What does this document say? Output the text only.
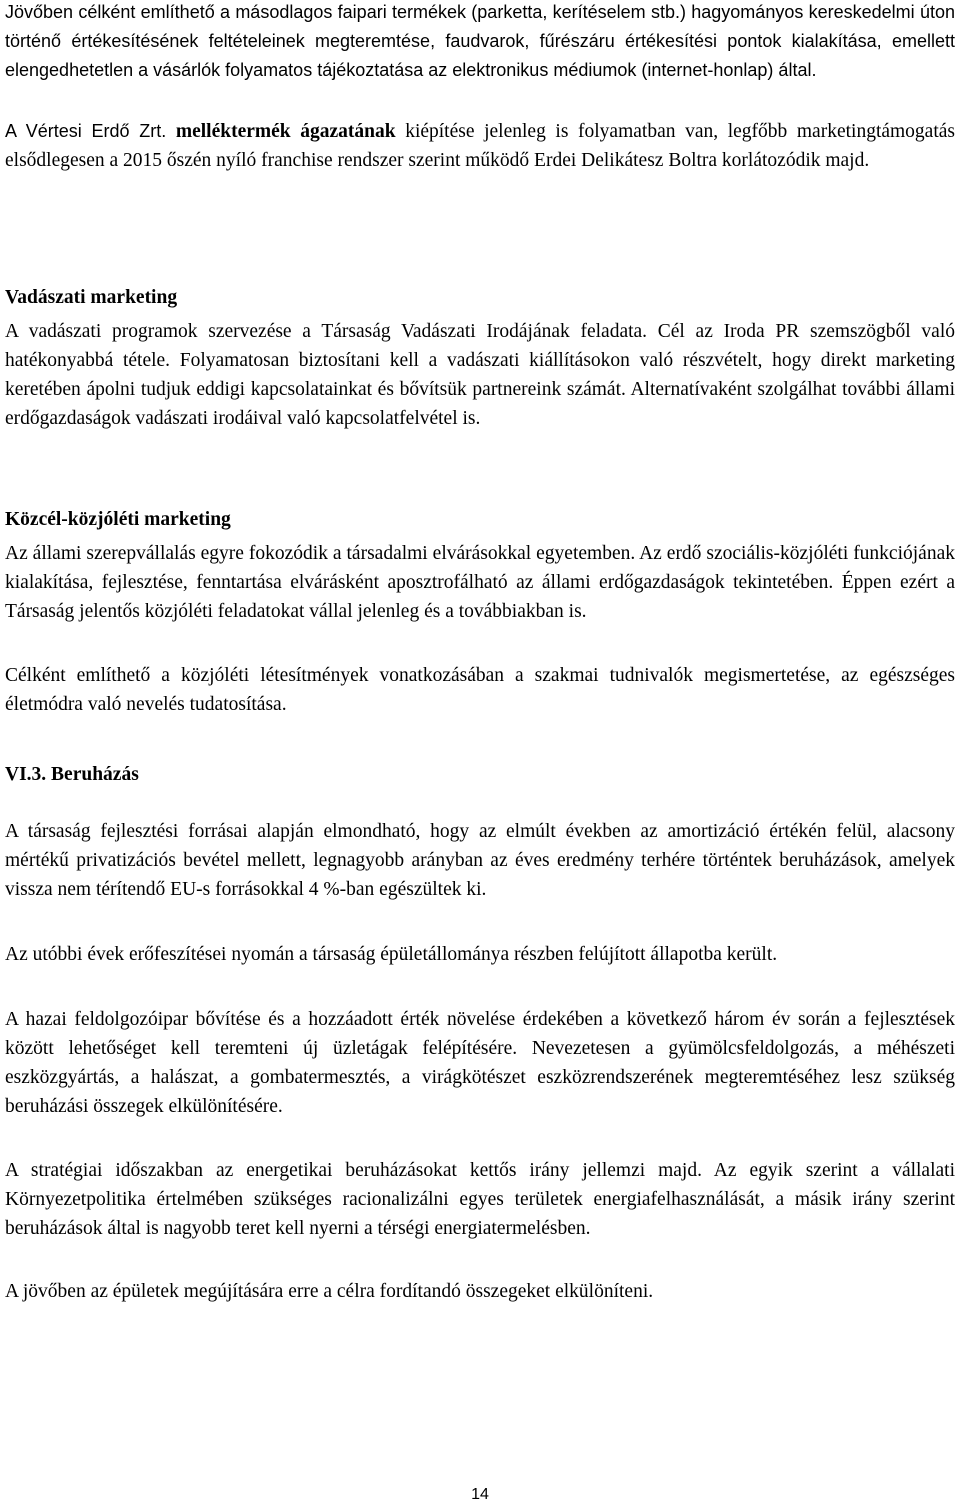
Jövőben célként említhető a másodlagos faipari termékek (parketta, kerítéselem stb.) hagyományos kereskedelmi úton történő értékesítésének feltételeinek megteremtése, faudvarok, fűrészáru értékesítési pontok kialakítása, emellett elengedhetetlen a vásárlók folyamatos tájékoztatása az elektronikus médiumok (internet-honlap) által.

A Vértesi Erdő Zrt. melléktermék ágazatának kiépítése jelenleg is folyamatban van, legfőbb marketingtámogatás elsődlegesen a 2015 őszén nyíló franchise rendszer szerint működő Erdei Delikátesz Boltra korlátozódik majd.

Vadászati marketing

A vadászati programok szervezése a Társaság Vadászati Irodájának feladata. Cél az Iroda PR szemszögből való hatékonyabbá tétele. Folyamatosan biztosítani kell a vadászati kiállításokon való részvételt, hogy direkt marketing keretében ápolni tudjuk eddigi kapcsolatainkat és bővítsük partnereink számát. Alternatívaként szolgálhat további állami erdőgazdaságok vadászati irodáival való kapcsolatfelvétel is.

Közcél-közjóléti marketing

Az állami szerepvállalás egyre fokozódik a társadalmi elvárásokkal egyetemben. Az erdő szociális-közjóléti funkciójának kialakítása, fejlesztése, fenntartása elvárásként aposztrofálható az állami erdőgazdaságok tekintetében. Éppen ezért a Társaság jelentős közjóléti feladatokat vállal jelenleg és a továbbiakban is.

Célként említhető a közjóléti létesítmények vonatkozásában a szakmai tudnivalók megismertetése, az egészséges életmódra való nevelés tudatosítása.

VI.3. Beruházás

A társaság fejlesztési forrásai alapján elmondható, hogy az elmúlt években az amortizáció értékén felül, alacsony mértékű privatizációs bevétel mellett, legnagyobb arányban az éves eredmény terhére történtek beruházások, amelyek vissza nem térítendő EU-s forrásokkal 4 %-ban egészültek ki.

Az utóbbi évek erőfeszítései nyomán a társaság épületállománya részben felújított állapotba került.

A hazai feldolgozóipar bővítése és a hozzáadott érték növelése érdekében a következő három év során a fejlesztések között lehetőséget kell teremteni új üzletágak felépítésére. Nevezetesen a gyümölcsfeldolgozás, a méhészeti eszközgyártás, a halászat, a gombatermesztés, a virágkötészet eszközrendszerének megteremtéséhez lesz szükség beruházási összegek elkülönítésére.

A stratégiai időszakban az energetikai beruházásokat kettős irány jellemzi majd. Az egyik szerint a vállalati Környezetpolitika értelmében szükséges racionalizálni egyes területek energiafelhasználását, a másik irány szerint beruházások által is nagyobb teret kell nyerni a térségi energiatermelésben.

A jövőben az épületek megújítására erre a célra fordítandó összegeket elkülöníteni.

14
